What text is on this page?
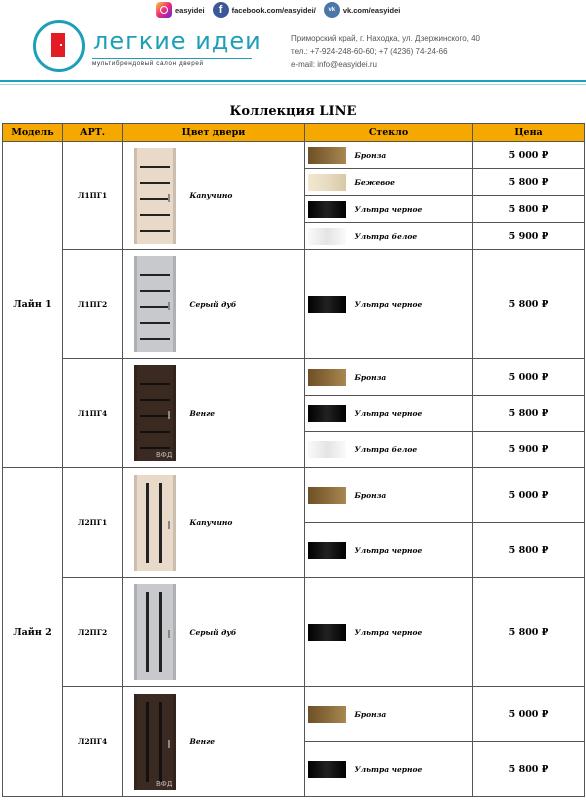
easyidei	f	facebook.com/easyidei/	vk	vk.com/easyidei
легкие идеи
мультибрендовый салон дверей
Приморский край, г. Находка, ул. Дзержинского, 40
тел.: +7-924-248-60-60; +7 (4236) 74-24-66
e-mail: info@easyidei.ru
Коллекция LINE
Модель	АРТ.	Цвет двери		Стекло		Цена
Лайн 1	Л1ПГ1		Капучино		Бронза	5 000 ₽

					Бежевое	5 800 ₽

					Ультра черное	5 800 ₽

					Ультра белое	5 900 ₽
	Л1ПГ2		Серый дуб		Ультра черное	5 800 ₽
	Л1ПГ4	ВФД	Венге		Бронза	5 000 ₽

					Ультра черное	5 800 ₽

					Ультра белое	5 900 ₽
Лайн 2	Л2ПГ1		Капучино		Бронза	5 000 ₽

					Ультра черное	5 800 ₽
	Л2ПГ2		Серый дуб		Ультра черное	5 800 ₽
	Л2ПГ4	ВФД	Венге		Бронза	5 000 ₽

					Ультра черное	5 800 ₽
